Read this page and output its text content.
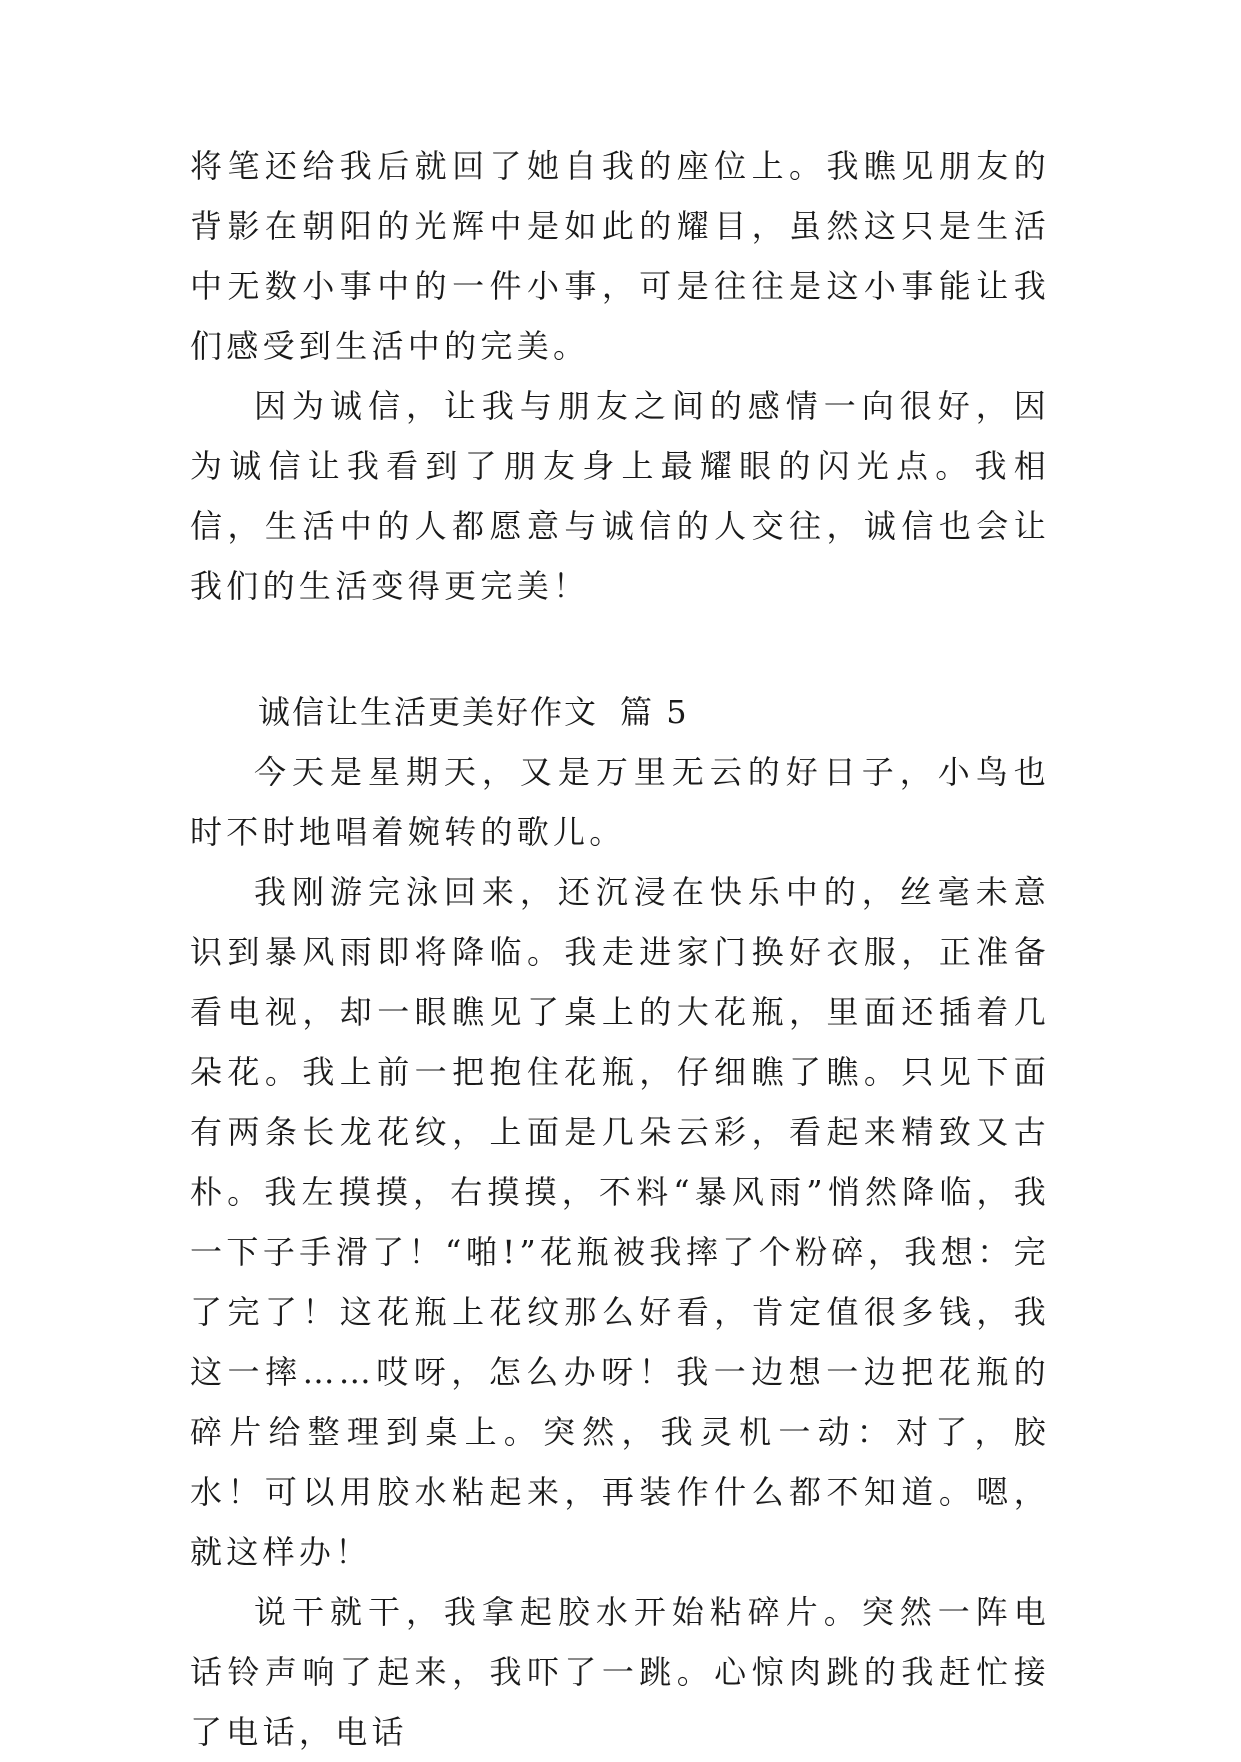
将笔还给我后就回了她自我的座位上。我瞧见朋友的背影在朝阳的光辉中是如此的耀目，虽然这只是生活中无数小事中的一件小事，可是往往是这小事能让我们感受到生活中的完美。

因为诚信，让我与朋友之间的感情一向很好，因为诚信让我看到了朋友身上最耀眼的闪光点。我相信，生活中的人都愿意与诚信的人交往，诚信也会让我们的生活变得更完美！

诚信让生活更美好作文 篇 5

今天是星期天，又是万里无云的好日子，小鸟也时不时地唱着婉转的歌儿。

我刚游完泳回来，还沉浸在快乐中的，丝毫未意识到暴风雨即将降临。我走进家门换好衣服，正准备看电视，却一眼瞧见了桌上的大花瓶，里面还插着几朵花。我上前一把抱住花瓶，仔细瞧了瞧。只见下面有两条长龙花纹，上面是几朵云彩，看起来精致又古朴。我左摸摸，右摸摸，不料“暴风雨”悄然降临，我一下子手滑了！“啪!”花瓶被我摔了个粉碎，我想：完了完了！这花瓶上花纹那么好看，肯定值很多钱，我这一摔……哎呀，怎么办呀！我一边想一边把花瓶的碎片给整理到桌上。突然，我灵机一动：对了，胶水！可以用胶水粘起来，再装作什么都不知道。嗯，就这样办！

说干就干，我拿起胶水开始粘碎片。突然一阵电话铃声响了起来，我吓了一跳。心惊肉跳的我赶忙接了电话，电话
